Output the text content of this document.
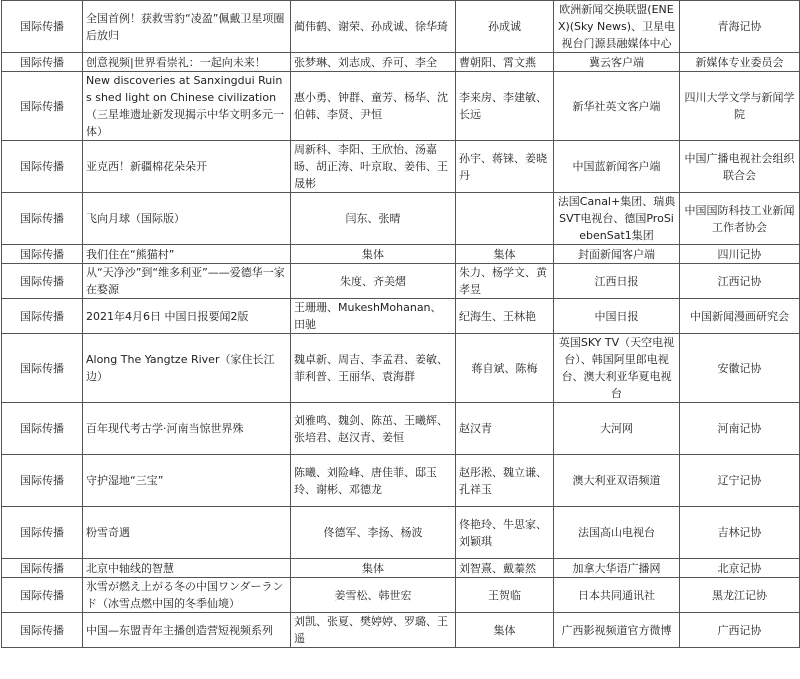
国际传播	全国首例！获救雪豹“凌盈”佩戴卫星项圈后放归	蔺伟鹤、谢荣、孙成诚、徐华琦	孙成诚	欧洲新闻交换联盟(ENEX)(Sky News)、卫星电视台门源县融媒体中心	青海记协
国际传播	创意视频|世界看崇礼：一起向未来！	张梦琳、刘志成、乔可、李全	曹朝阳、霄文燕	冀云客户端	新媒体专业委员会
国际传播	New discoveries at Sanxingdui Ruins shed light on Chinese civilization（三星堆遗址新发现揭示中华文明多元一体）	惠小勇、钟群、童芳、杨华、沈伯韩、李贤、尹恒	李来房、李建敏、长远	新华社英文客户端	四川大学文学与新闻学院
国际传播	亚克西！新疆棉花朵朵开	周新科、李阳、王欣怡、汤嘉旸、胡正涛、叶京取、姜伟、王晟彬	孙宇、蒋铼、姜晓丹	中国蓝新闻客户端	中国广播电视社会组织联合会
国际传播	飞向月球（国际版）	闫东、张晴		法国Canal+集团、瑞典SVT电视台、德国ProSiebenSat1集团	中国国防科技工业新闻工作者协会
国际传播	我们住在“熊猫村”	集体	集体	封面新闻客户端	四川记协
国际传播	从“天净沙”到“维多利亚”——爱德华一家在婺源	朱度、齐美熠	朱力、杨学文、黄孝昱	江西日报	江西记协
国际传播	2021年4月6日 中国日报要闻2版	王珊珊、MukeshMohanan、田驰	纪海生、王林艳	中国日报	中国新闻漫画研究会
国际传播	Along The Yangtze River（家住长江边）	魏卓新、周吉、李孟君、姜敏、菲利普、王丽华、袁海群	蒋自斌、陈梅	英国SKY TV（天空电视台）、韩国阿里郎电视台、澳大利亚华夏电视台	安徽记协
国际传播	百年现代考古学·河南当惊世界殊	刘雅鸣、魏剑、陈茁、王曦辉、张培君、赵汉青、姜恒	赵汉青	大河网	河南记协
国际传播	守护湿地“三宝”	陈曦、刘险峰、唐佳菲、邸玉玲、谢彬、邓德龙	赵彤淞、魏立谦、孔祥玉	澳大利亚双语频道	辽宁记协
国际传播	粉雪奇遇	佟德军、李扬、杨波	佟艳玲、牛思家、刘颖琪	法国高山电视台	吉林记协
国际传播	北京中轴线的智慧	集体	刘智熹、戴蓁然	加拿大华语广播网	北京记协
国际传播	氷雪が燃え上がる冬の中国ワンダーランド（冰雪点燃中国的冬季仙境）	姜雪松、韩世宏	王贺临	日本共同通讯社	黑龙江记协
国际传播	中国—东盟青年主播创造营短视频系列	刘凯、张夏、樊婷婷、罗璐、王遥	集体	广西影视频道官方微博	广西记协
